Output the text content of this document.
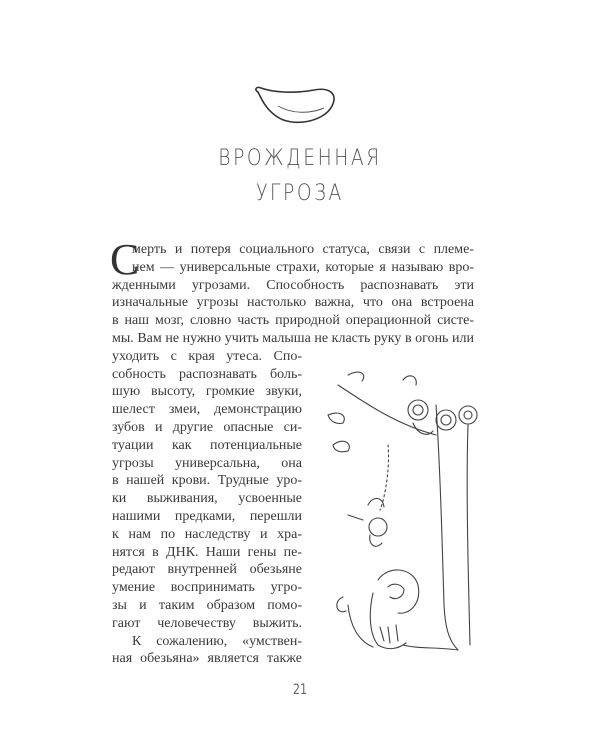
ВРОЖДЕННАЯ
УГРОЗА
С
мерть и потеря социального статуса, связи с племе-
нем — универсальные страхи, которые я называю вро-
жденными угрозами. Способность распознавать эти
изначальные угрозы настолько важна, что она встроена
в наш мозг, словно часть природной операционной систе-
мы. Вам не нужно учить малыша не класть руку в огонь или
уходить с края утеса. Спо-
собность распознавать боль-
шую высоту, громкие звуки,
шелест змеи, демонстрацию
зубов и другие опасные си-
туации как потенциальные
угрозы универсальна, она
в нашей крови. Трудные уро-
ки выживания, усвоенные
нашими предками, перешли
к нам по наследству и хра-
нятся в ДНК. Наши гены пе-
редают внутренней обезьяне
умение воспринимать угро-
зы и таким образом помо-
гают человечеству выжить.
К сожалению, «умствен-
ная обезьяна» является также
21
